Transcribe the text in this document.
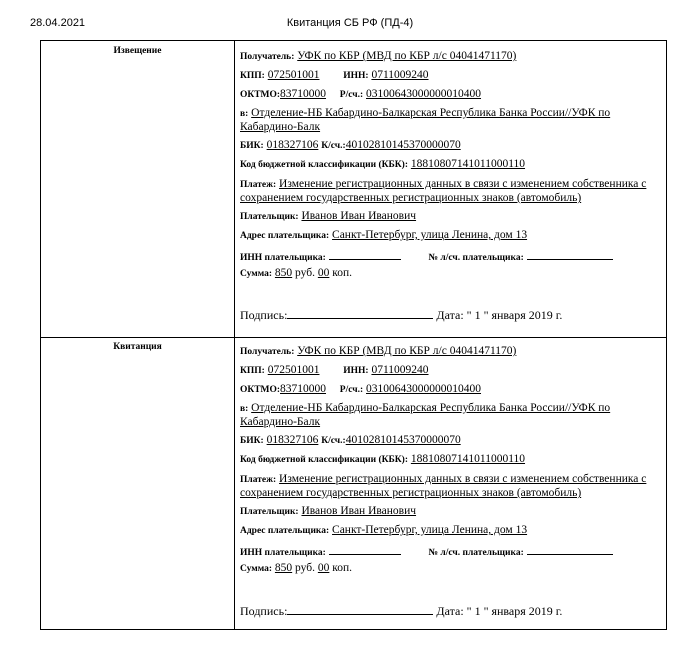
28.04.2021	Квитанция СБ РФ (ПД-4)
Извещение
Получатель: УФК по КБР (МВД по КБР л/с 04041471170)
КПП: 072501001	ИНН: 0711009240
ОКТМО:83710000 Р/сч.: 03100643000000010400
в: Отделение-НБ Кабардино-Балкарская Республика Банка России//УФК по Кабардино-Балк
БИК: 018327106 К/сч.:40102810145370000070
Код бюджетной классификации (КБК): 18810807141011000110
Платеж: Изменение регистрационных данных в связи с изменением собственника с сохранением государственных регистрационных знаков (автомобиль)
Плательщик: Иванов Иван Иванович
Адрес плательщика: Санкт-Петербург, улица Ленина, дом 13
ИНН плательщика:	№ л/сч. плательщика:
Сумма: 850 руб. 00 коп.
Подпись:	Дата: " 1 " января 2019 г.
Квитанция	Получатель: УФК по КБР (МВД по КБР л/с 04041471170)
КПП: 072501001	ИНН: 0711009240
ОКТМО:83710000 Р/сч.: 03100643000000010400
в: Отделение-НБ Кабардино-Балкарская Республика Банка России//УФК по Кабардино-Балк
БИК: 018327106 К/сч.:40102810145370000070
Код бюджетной классификации (КБК): 18810807141011000110
Платеж: Изменение регистрационных данных в связи с изменением собственника с сохранением государственных регистрационных знаков (автомобиль)
Плательщик: Иванов Иван Иванович
Адрес плательщика: Санкт-Петербург, улица Ленина, дом 13
ИНН плательщика:	№ л/сч. плательщика:
Сумма: 850 руб. 00 коп.
Подпись:	Дата: " 1 " января 2019 г.
